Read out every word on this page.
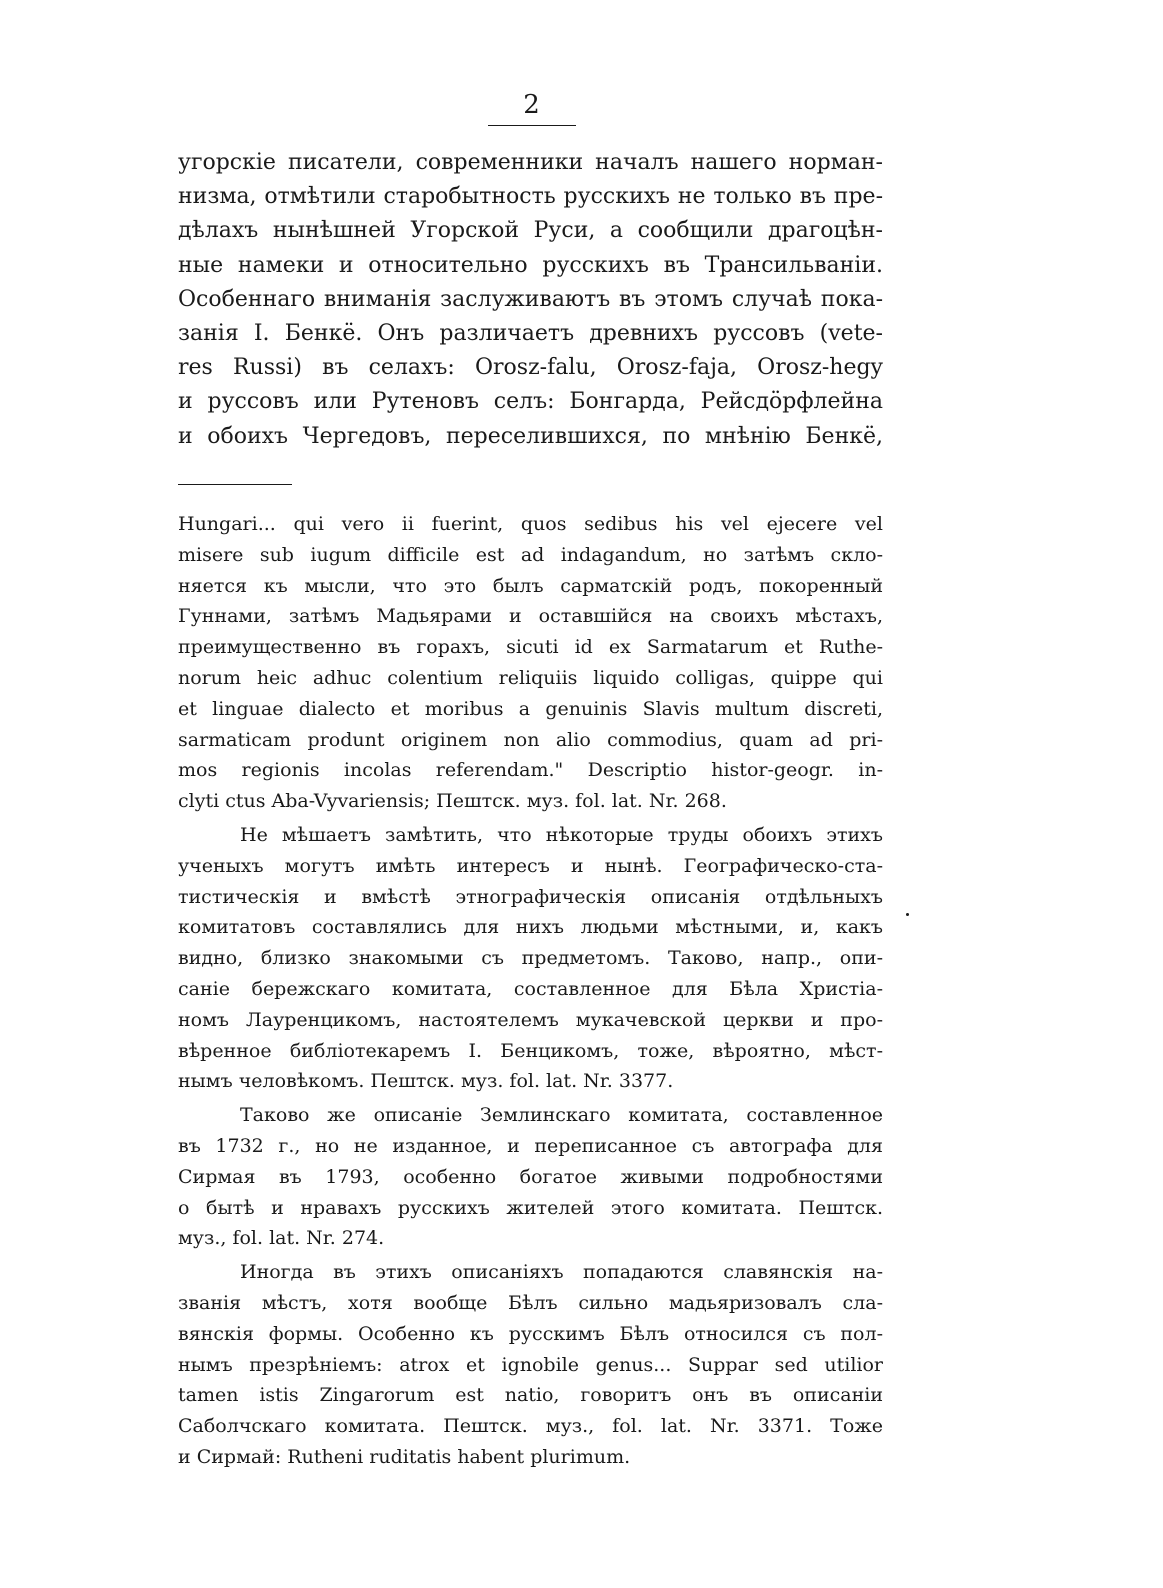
2
угорскіе писатели, современники началъ нашего норман-
низма, отмѣтили старобытность русскихъ не только въ пре-
дѣлахъ нынѣшней Угорской Руси, а сообщили драгоцѣн-
ные намеки и относительно русскихъ въ Трансильваніи.
Особеннаго вниманія заслуживаютъ въ этомъ случаѣ пока-
занія І. Бенкё. Онъ различаетъ древнихъ руссовъ (vete-
res Russi) въ селахъ: Orosz-falu, Orosz-faja, Orosz-hegy
и руссовъ или Рутеновъ селъ: Бонгарда, Рейсдöрфлейна
и обоихъ Чергедовъ, переселившихся, по мнѣнію Бенкё,
Hungari... qui vero ii fuerint, quos sedibus his vel ejecere vel
misere sub iugum difficile est ad indagandum, но затѣмъ скло-
няется къ мысли, что это былъ сарматскій родъ, покоренный
Гуннами, затѣмъ Мадьярами и оставшійся на своихъ мѣстахъ,
преимущественно въ горахъ, sicuti id ex Sarmatarum et Ruthe-
norum heic adhuc colentium reliquiis liquido colligas, quippe qui
et linguae dialecto et moribus a genuinis Slavis multum discreti,
sarmaticam produnt originem non alio commodius, quam ad pri-
mos regionis incolas referendam." Descriptio histor-geogr. in-
clyti ctus Aba-Vyvariensis; Пештск. муз. fol. lat. Nr. 268.
Не мѣшаетъ замѣтить, что нѣкоторые труды обоихъ этихъ
ученыхъ могутъ имѣть интересъ и нынѣ. Географическо-ста-
тистическія и вмѣстѣ этнографическія описанія отдѣльныхъ
комитатовъ составлялись для нихъ людьми мѣстными, и, какъ
видно, близко знакомыми съ предметомъ. Таково, напр., опи-
саніе бережскаго комитата, составленное для Бѣла Христіа-
номъ Лауренцикомъ, настоятелемъ мукачевской церкви и про-
вѣренное библіотекаремъ І. Бенцикомъ, тоже, вѣроятно, мѣст-
нымъ человѣкомъ. Пештск. муз. fol. lat. Nr. 3377.
Таково же описаніе Землинскаго комитата, составленное
въ 1732 г., но не изданное, и переписанное съ автографа для
Сирмая въ 1793, особенно богатое живыми подробностями
о бытѣ и нравахъ русскихъ жителей этого комитата. Пештск.
муз., fol. lat. Nr. 274.
Иногда въ этихъ описаніяхъ попадаются славянскія на-
званія мѣстъ, хотя вообще Бѣлъ сильно мадьяризовалъ сла-
вянскія формы. Особенно къ русскимъ Бѣлъ относился съ пол-
нымъ презрѣніемъ: atrox et ignobile genus... Suppar sed utilior
tamen istis Zingarorum est natio, говоритъ онъ въ описаніи
Саболчскаго комитата. Пештск. муз., fol. lat. Nr. 3371. Тоже
и Сирмай: Rutheni ruditatis habent plurimum.
